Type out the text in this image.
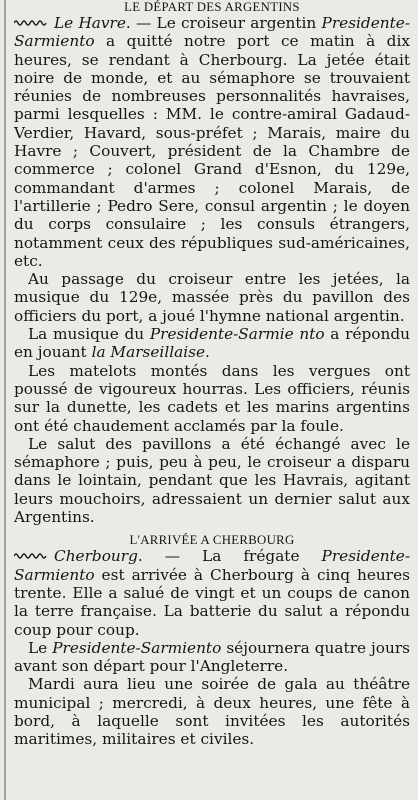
LE DÉPART DES ARGENTINS

Le Havre. — Le croiseur argentin Presidente-Sarmiento a quitté notre port ce matin à dix heures, se rendant à Cherbourg. La jetée était noire de monde, et au sémaphore se trouvaient réunies de nombreuses personnalités havraises, parmi lesquelles : MM. le contre-amiral Gadaud-Verdier, Havard, sous-préfet ; Marais, maire du Havre ; Couvert, président de la Chambre de commerce ; colonel Grand d'Esnon, du 129e, commandant d'armes ; colonel Marais, de l'artillerie ; Pedro Sere, consul argentin ; le doyen du corps consulaire ; les consuls étrangers, notamment ceux des républiques sud-américaines, etc.

Au passage du croiseur entre les jetées, la musique du 129e, massée près du pavillon des officiers du port, a joué l'hymne national argentin.

La musique du Presidente-Sarmie nto a répondu en jouant la Marseillaise.

Les matelots montés dans les vergues ont poussé de vigoureux hourras. Les officiers, réunis sur la dunette, les cadets et les marins argentins ont été chaudement acclamés par la foule.

Le salut des pavillons a été échangé avec le sémaphore ; puis, peu à peu, le croiseur a disparu dans le lointain, pendant que les Havrais, agitant leurs mouchoirs, adressaient un dernier salut aux Argentins.

L'ARRIVÉE A CHERBOURG

Cherbourg. — La frégate Presidente-Sarmiento est arrivée à Cherbourg à cinq heures trente. Elle a salué de vingt et un coups de canon la terre française. La batterie du salut a répondu coup pour coup.

Le Presidente-Sarmiento séjournera quatre jours avant son départ pour l'Angleterre.

Mardi aura lieu une soirée de gala au théâtre municipal ; mercredi, à deux heures, une fête à bord, à laquelle sont invitées les autorités maritimes, militaires et civiles.
